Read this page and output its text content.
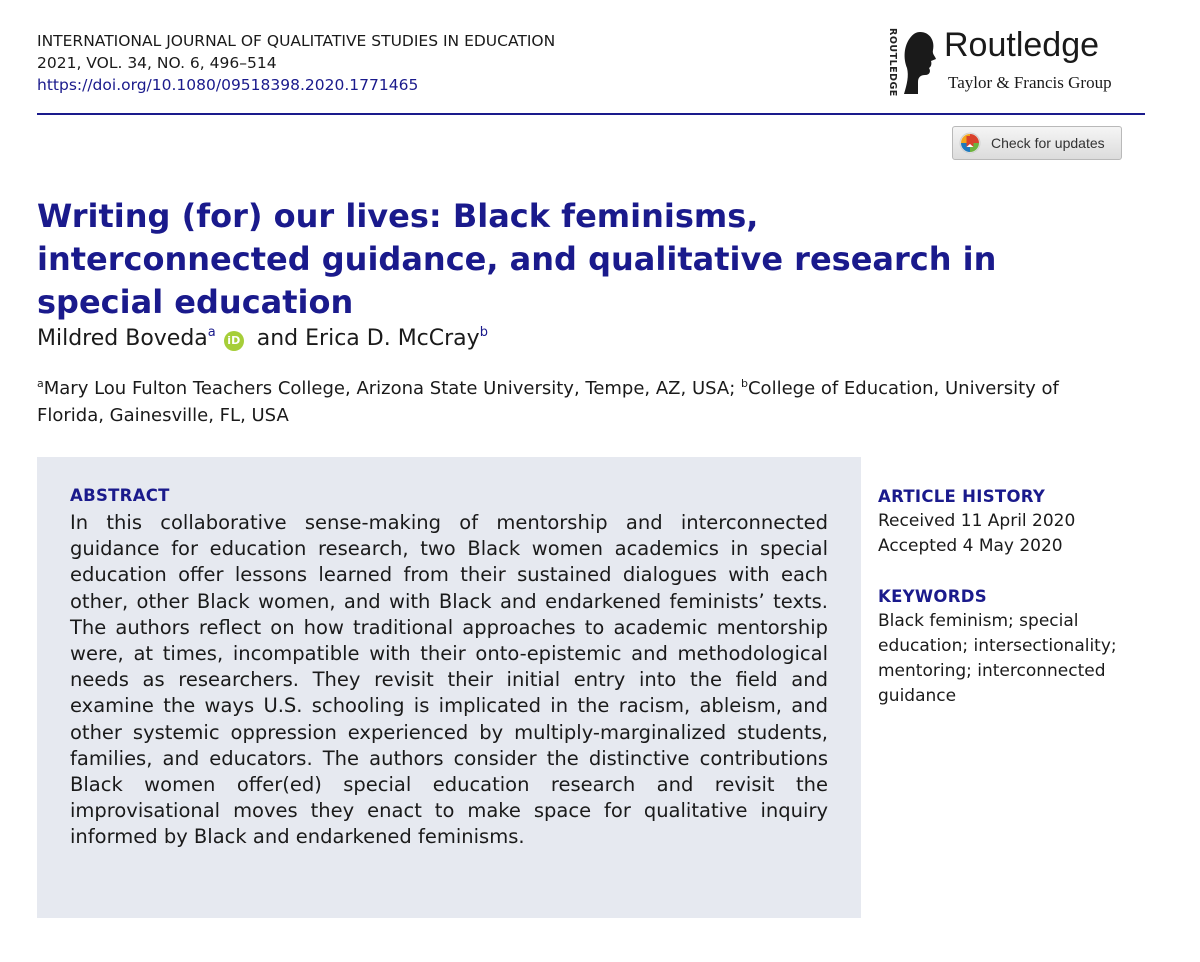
INTERNATIONAL JOURNAL OF QUALITATIVE STUDIES IN EDUCATION
2021, VOL. 34, NO. 6, 496–514
https://doi.org/10.1080/09518398.2020.1771465	ROUTLEDGE Routledge
Taylor & Francis Group
Check for updates
Writing (for) our lives: Black feminisms, interconnected guidance, and qualitative research in special education
Mildred Boveda$^a$iD and Erica D. McCray$^b$
$^a$Mary Lou Fulton Teachers College, Arizona State University, Tempe, AZ, USA; $^b$College of Education, University of Florida, Gainesville, FL, USA
ABSTRACT

In this collaborative sense-making of mentorship and interconnected guidance for education research, two Black women academics in special education offer lessons learned from their sustained dialogues with each other, other Black women, and with Black and endarkened feminists’ texts. The authors reflect on how traditional approaches to academic mentorship were, at times, incompatible with their onto-epistemic and methodological needs as researchers. They revisit their initial entry into the field and examine the ways U.S. schooling is implicated in the racism, ableism, and other systemic oppression experienced by multiply-marginalized students, families, and educators. The authors consider the distinctive contributions Black women offer(ed) special education research and revisit the improvisational moves they enact to make space for qualitative inquiry informed by Black and endarkened feminisms.

ARTICLE HISTORY
Received 11 April 2020
Accepted 4 May 2020
KEYWORDS
Black feminism; special education; intersectionality; mentoring; interconnected guidance
